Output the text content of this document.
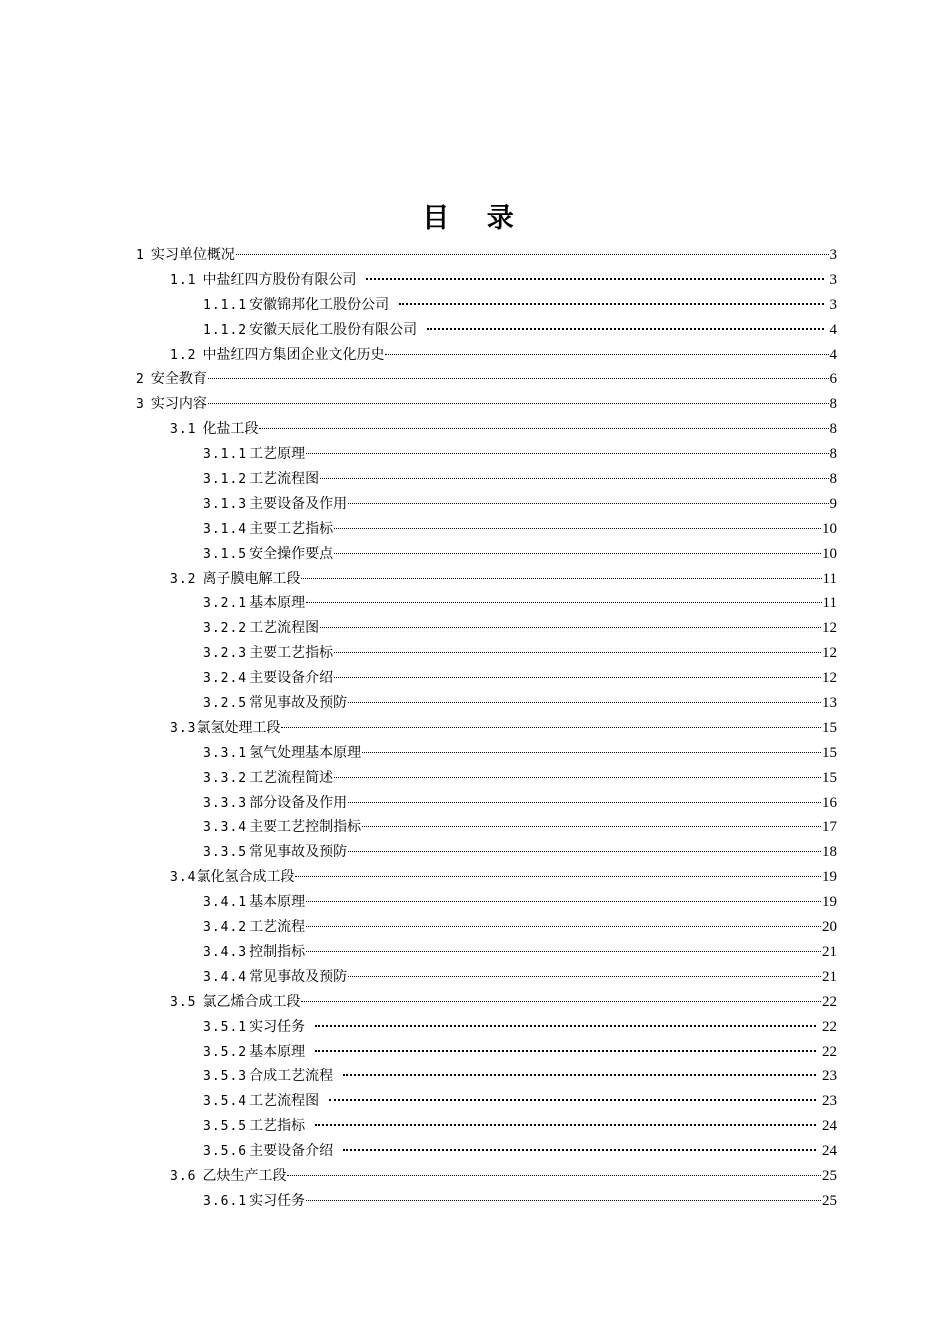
目 录
1 实习单位概况	3
1.1 中盐红四方股份有限公司	3
1.1.1 安徽锦邦化工股份公司	3
1.1.2 安徽天辰化工股份有限公司	4
1.2 中盐红四方集团企业文化历史	4
2 安全教育	6
3 实习内容	8
3.1 化盐工段	8
3.1.1 工艺原理	8
3.1.2 工艺流程图	8
3.1.3 主要设备及作用	9
3.1.4 主要工艺指标	10
3.1.5 安全操作要点	10
3.2 离子膜电解工段	11
3.2.1 基本原理	11
3.2.2 工艺流程图	12
3.2.3 主要工艺指标	12
3.2.4 主要设备介绍	12
3.2.5 常见事故及预防	13
3.3氯氢处理工段	15
3.3.1 氢气处理基本原理	15
3.3.2 工艺流程简述	15
3.3.3 部分设备及作用	16
3.3.4 主要工艺控制指标	17
3.3.5 常见事故及预防	18
3.4氯化氢合成工段	19
3.4.1 基本原理	19
3.4.2 工艺流程	20
3.4.3 控制指标	21
3.4.4 常见事故及预防	21
3.5 氯乙烯合成工段	22
3.5.1 实习任务	22
3.5.2 基本原理	22
3.5.3 合成工艺流程	23
3.5.4 工艺流程图	23
3.5.5 工艺指标	24
3.5.6 主要设备介绍	24
3.6 乙炔生产工段	25
3.6.1 实习任务	25
